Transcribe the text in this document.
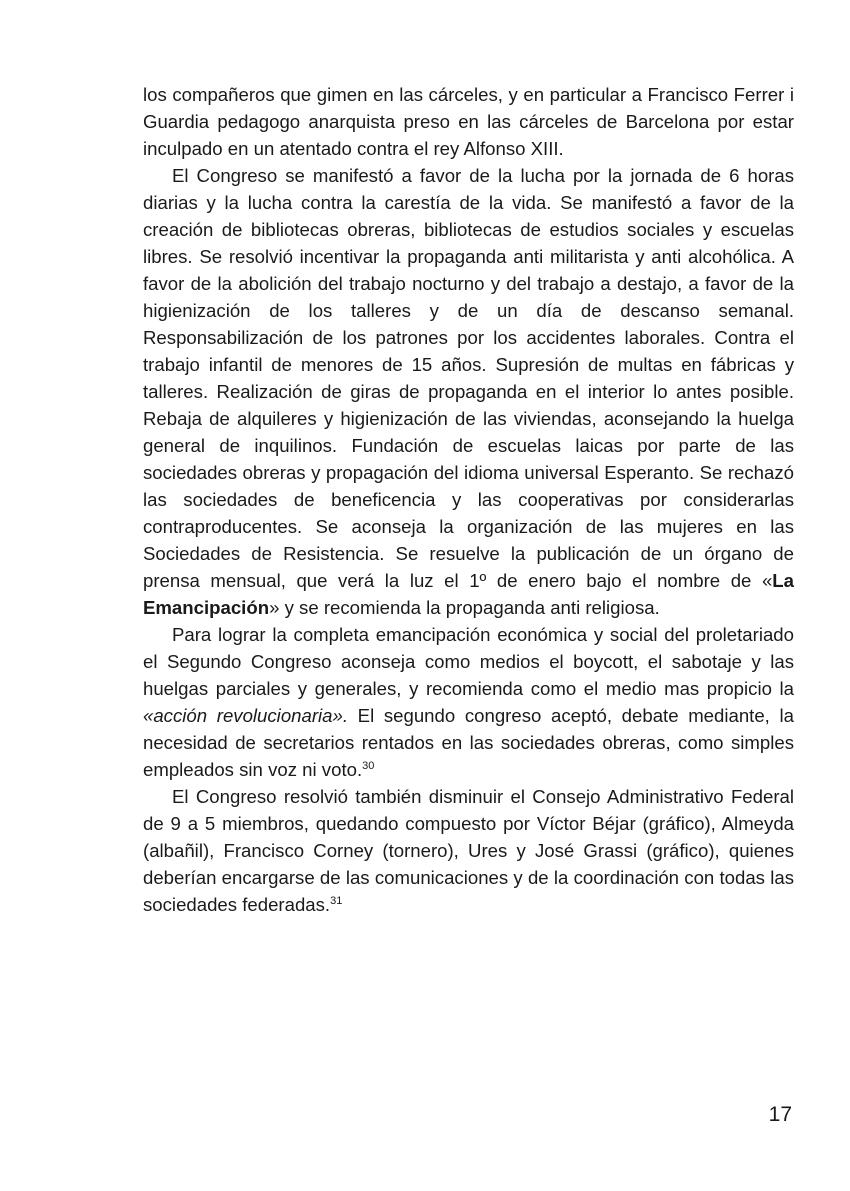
los compañeros que gimen en las cárceles, y en particular a Francisco Ferrer i Guardia pedagogo anarquista preso en las cárceles de Barcelona por estar inculpado en un atentado contra el rey Alfonso XIII.

El Congreso se manifestó a favor de la lucha por la jornada de 6 horas diarias y la lucha contra la carestía de la vida. Se manifestó a favor de la creación de bibliotecas obreras, bibliotecas de estudios sociales y escuelas libres. Se resolvió incentivar la propaganda anti militarista y anti alcohólica. A favor de la abolición del trabajo nocturno y del trabajo a destajo, a favor de la higienización de los talleres y de un día de descanso semanal. Responsabilización de los patrones por los accidentes laborales. Contra el trabajo infantil de menores de 15 años. Supresión de multas en fábricas y talleres. Realización de giras de propaganda en el interior lo antes posible. Rebaja de alquileres y higienización de las viviendas, aconsejando la huelga general de inquilinos. Fundación de escuelas laicas por parte de las sociedades obreras y propagación del idioma universal Esperanto. Se rechazó las sociedades de beneficencia y las cooperativas por considerarlas contraproducentes. Se aconseja la organización de las mujeres en las Sociedades de Resistencia. Se resuelve la publicación de un órgano de prensa mensual, que verá la luz el 1º de enero bajo el nombre de «La Emancipación» y se recomienda la propaganda anti religiosa.

Para lograr la completa emancipación económica y social del proletariado el Segundo Congreso aconseja como medios el boycott, el sabotaje y las huelgas parciales y generales, y recomienda como el medio mas propicio la «acción revolucionaria». El segundo congreso aceptó, debate mediante, la necesidad de secretarios rentados en las sociedades obreras, como simples empleados sin voz ni voto.$^{30}$

El Congreso resolvió también disminuir el Consejo Administrativo Federal de 9 a 5 miembros, quedando compuesto por Víctor Béjar (gráfico), Almeyda (albañil), Francisco Corney (tornero), Ures y José Grassi (gráfico), quienes deberían encargarse de las comunicaciones y de la coordinación con todas las sociedades federadas.$^{31}$

17
